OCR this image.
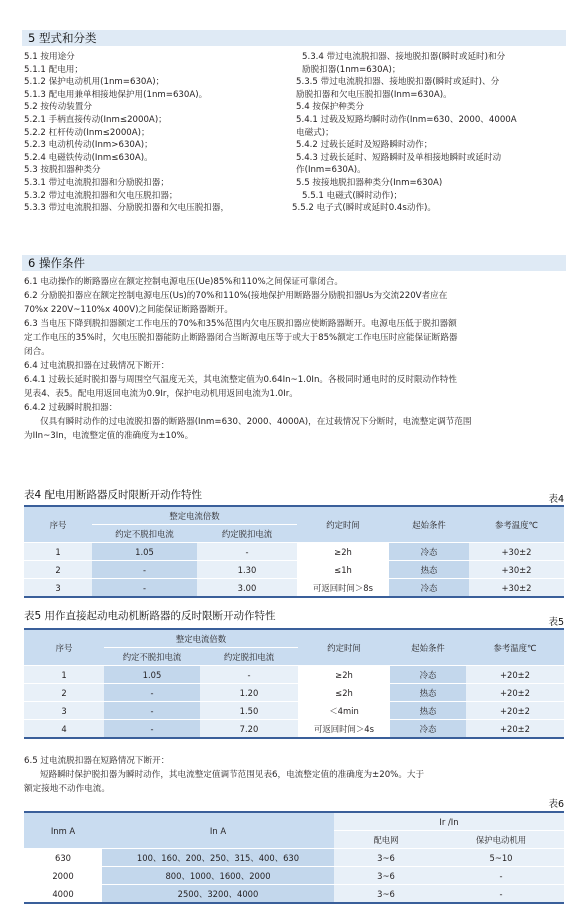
5 型式和分类
5.1 按用途分
5.1.1 配电用；
5.1.2 保护电动机用(1nm=630A)；
5.1.3 配电用兼单相接地保护用(1nm=630A)。
5.2 按传动装置分
5.2.1 手柄直接传动(Inm≤2000A)；
5.2.2 杠杆传动(Inm≤2000A)；
5.2.3 电动机传动(Inm>630A)；
5.2.4 电磁铁传动(Inm≤630A)。
5.3 按脱扣器种类分
5.3.1 带过电流脱扣器和分励脱扣器；
5.3.2 带过电流脱扣器和欠电压脱扣器；
5.3.3 带过电流脱扣器、分励脱扣器和欠电压脱扣器，
5.3.4 带过电流脱扣器、接地脱扣器(瞬时或延时)和分
励脱扣器(1nm=630A)；
5.3.5 带过电流脱扣器、接地脱扣器(瞬时或延时)、分
励脱扣器和欠电压脱扣器(Inm=630A)。
5.4 按保护种类分
5.4.1 过载及短路均瞬时动作(Inm=630、2000、4000A
电磁式)；
5.4.2 过载长延时及短路瞬时动作；
5.4.3 过载长延时、短路瞬时及单相接地瞬时或延时动
作(Inm=630A)。
5.5 按接地脱扣器种类分(Inm=630A)
5.5.1 电磁式(瞬时动作)；
5.5.2 电子式(瞬时或延时0.4s动作)。
6 操作条件

6.1 电动操作的断路器应在额定控制电源电压(Ue)85%和110%之间保证可靠闭合。

6.2 分励脱扣器应在额定控制电源电压(Us)的70%和110%(接地保护用断路器分励脱扣器Us为交流220V者应在

70%x 220V~110%x 400V)之间能保证断路器断开。

6.3 当电压下降到脱扣器额定工作电压的70%和35%范围内欠电压脱扣器应使断路器断开。电源电压低于脱扣器额

定工作电压的35%时，欠电压脱扣器能防止断路器闭合当断源电压等于或大于85%额定工作电压时应能保证断路器

闭合。

6.4 过电流脱扣器在过载情况下断开：

6.4.1 过载长延时脱扣器与周围空气温度无关，其电流整定值为0.64In~1.0In。各极同时通电时的反时限动作特性

见表4、表5。配电用返回电流为0.9Ir，保护电动机用返回电流为1.0Ir。

6.4.2 过载瞬时脱扣器：

仅具有瞬时动作的过电流脱扣器的断路器(Inm=630、2000、4000A)，在过载情况下分断时，电流整定调节范围

为IIn~3In，电流整定值的准确度为±10%。

表4 配电用断路器反时限断开动作特性	表4
序号	整定电流倍数		约定时间	起始条件	参考温度℃
	约定不脱扣电流	约定脱扣电流			
1	1.05	-	≥2h	冷态	+30±2
2	-	1.30	≤1h	热态	+30±2
3	-	3.00	可返回时间＞8s	冷态	+30±2
表5 用作直接起动电动机断路器的反时限断开动作特性
表5
序号	整定电流倍数		约定时间	起始条件	参考温度℃
	约定不脱扣电流	约定脱扣电流			
1	1.05	-	≥2h	冷态	+20±2
2	-	1.20	≤2h	热态	+20±2
3	-	1.50	＜4min	热态	+20±2
4	-	7.20	可返回时间＞4s	冷态	+20±2

6.5 过电流脱扣器在短路情况下断开：

短路瞬时保护脱扣器为瞬时动作，其电流整定值调节范围见表6，电流整定值的准确度为±20%。大于

额定接地不动作电流。

表6
Inm A	In A	Ir /In	
		配电网	保护电动机用
630	100、160、200、250、315、400、630	3~6	5~10
2000	800、1000、1600、2000	3~6	-
4000	2500、3200、4000	3~6	-
